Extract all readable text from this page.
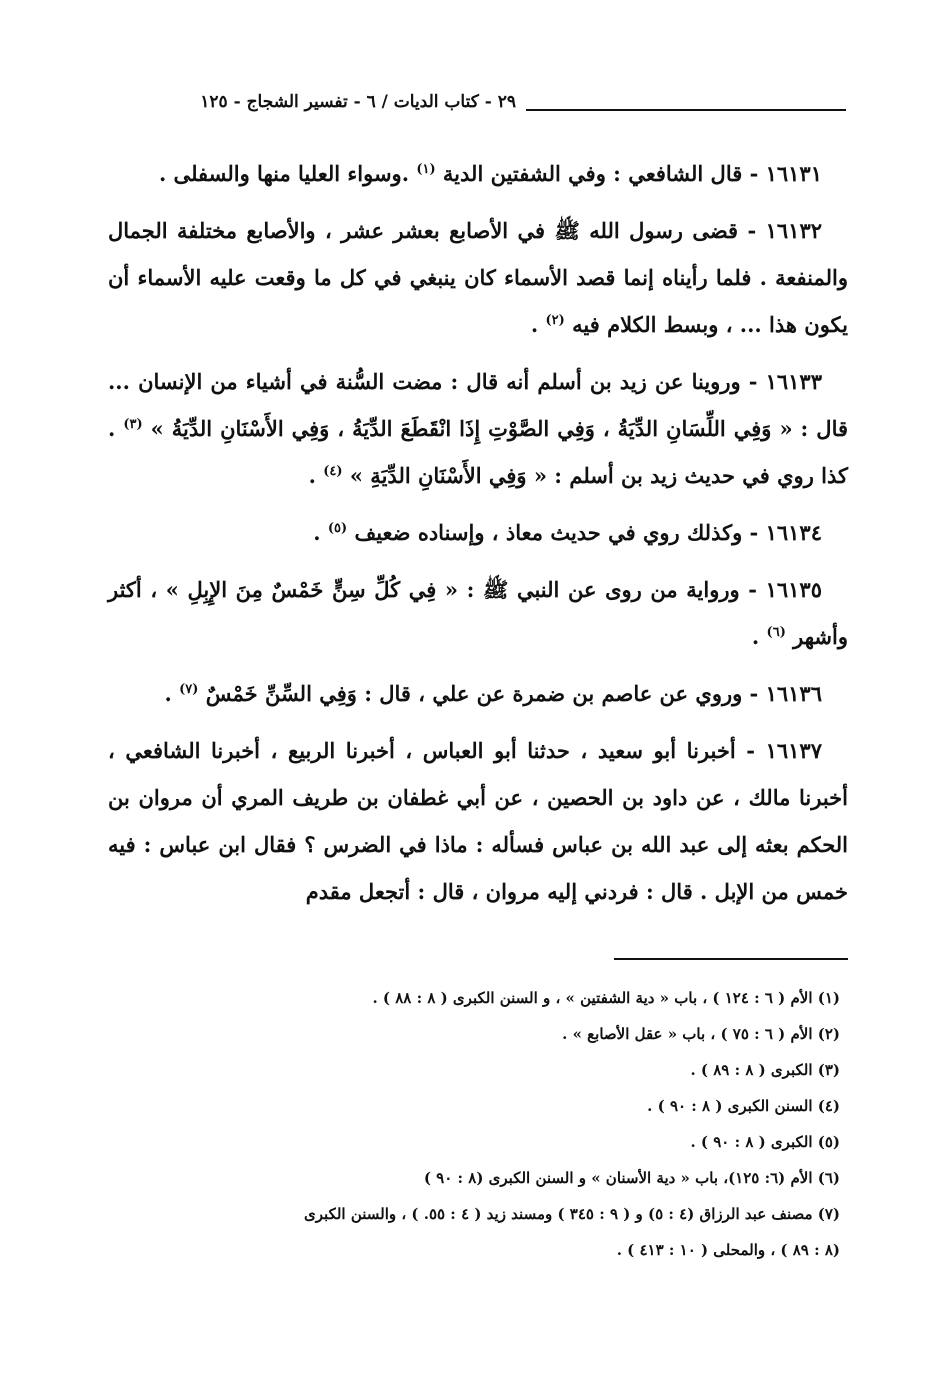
٢٩ - كتاب الديات / ٦ - تفسير الشجاج - ١٢٥

١٦١٣١ - قال الشافعي : وفي الشفتين الدية $^{(١)}$ .وسواء العليا منها والسفلى .

١٦١٣٢ - قضى رسول الله ﷺ في الأصابع بعشر عشر ، والأصابع مختلفة الجمال والمنفعة . فلما رأيناه إنما قصد الأسماء كان ينبغي في كل ما وقعت عليه الأسماء أن يكون هذا ... ، وبسط الكلام فيه $^{(٢)}$ .

١٦١٣٣ - وروينا عن زيد بن أسلم أنه قال : مضت السُّنة في أشياء من الإنسان ... قال : « وَفِي اللِّسَانِ الدِّيَةُ ، وَفِي الصَّوْتِ إِذَا انْقَطَعَ الدِّيَةُ ، وَفِي الأَسْنَانِ الدِّيَةُ » $^{(٣)}$ . كذا روي في حديث زيد بن أسلم : « وَفِي الأَسْنَانِ الدِّيَةِ » $^{(٤)}$ .

١٦١٣٤ - وكذلك روي في حديث معاذ ، وإسناده ضعيف $^{(٥)}$ .

١٦١٣٥ - ورواية من روى عن النبي ﷺ : « فِي كُلِّ سِنٍّ خَمْسٌ مِنَ الإِبِلِ » ، أكثر وأشهر $^{(٦)}$ .

١٦١٣٦ - وروي عن عاصم بن ضمرة عن علي ، قال : وَفِي السِّنِّ خَمْسٌ $^{(٧)}$ .

١٦١٣٧ - أخبرنا أبو سعيد ، حدثنا أبو العباس ، أخبرنا الربيع ، أخبرنا الشافعي ، أخبرنا مالك ، عن داود بن الحصين ، عن أبي غطفان بن طريف المري أن مروان بن الحكم بعثه إلى عبد الله بن عباس فسأله : ماذا في الضرس ؟ فقال ابن عباس : فيه خمس من الإبل . قال : فردني إليه مروان ، قال : أتجعل مقدم

(١) الأم ( ٦ : ١٢٤ ) ، باب « دية الشفتين » ، و السنن الكبرى ( ٨ : ٨٨ ) .

(٢) الأم ( ٦ : ٧٥ ) ، باب « عقل الأصابع » .

(٣) الكبرى ( ٨ : ٨٩ ) .

(٤) السنن الكبرى ( ٨ : ٩٠ ) .

(٥) الكبرى ( ٨ : ٩٠ ) .

(٦) الأم (٦: ١٢٥)، باب « دية الأسنان » و السنن الكبرى (٨ : ٩٠ )

(٧) مصنف عبد الرزاق (٤ : ٥) و ( ٩ : ٣٤٥ ) ومسند زيد ( ٤ : ٥٥. ) ، والسنن الكبرى

(٨ : ٨٩ ) ، والمحلى ( ١٠ : ٤١٣ ) .
